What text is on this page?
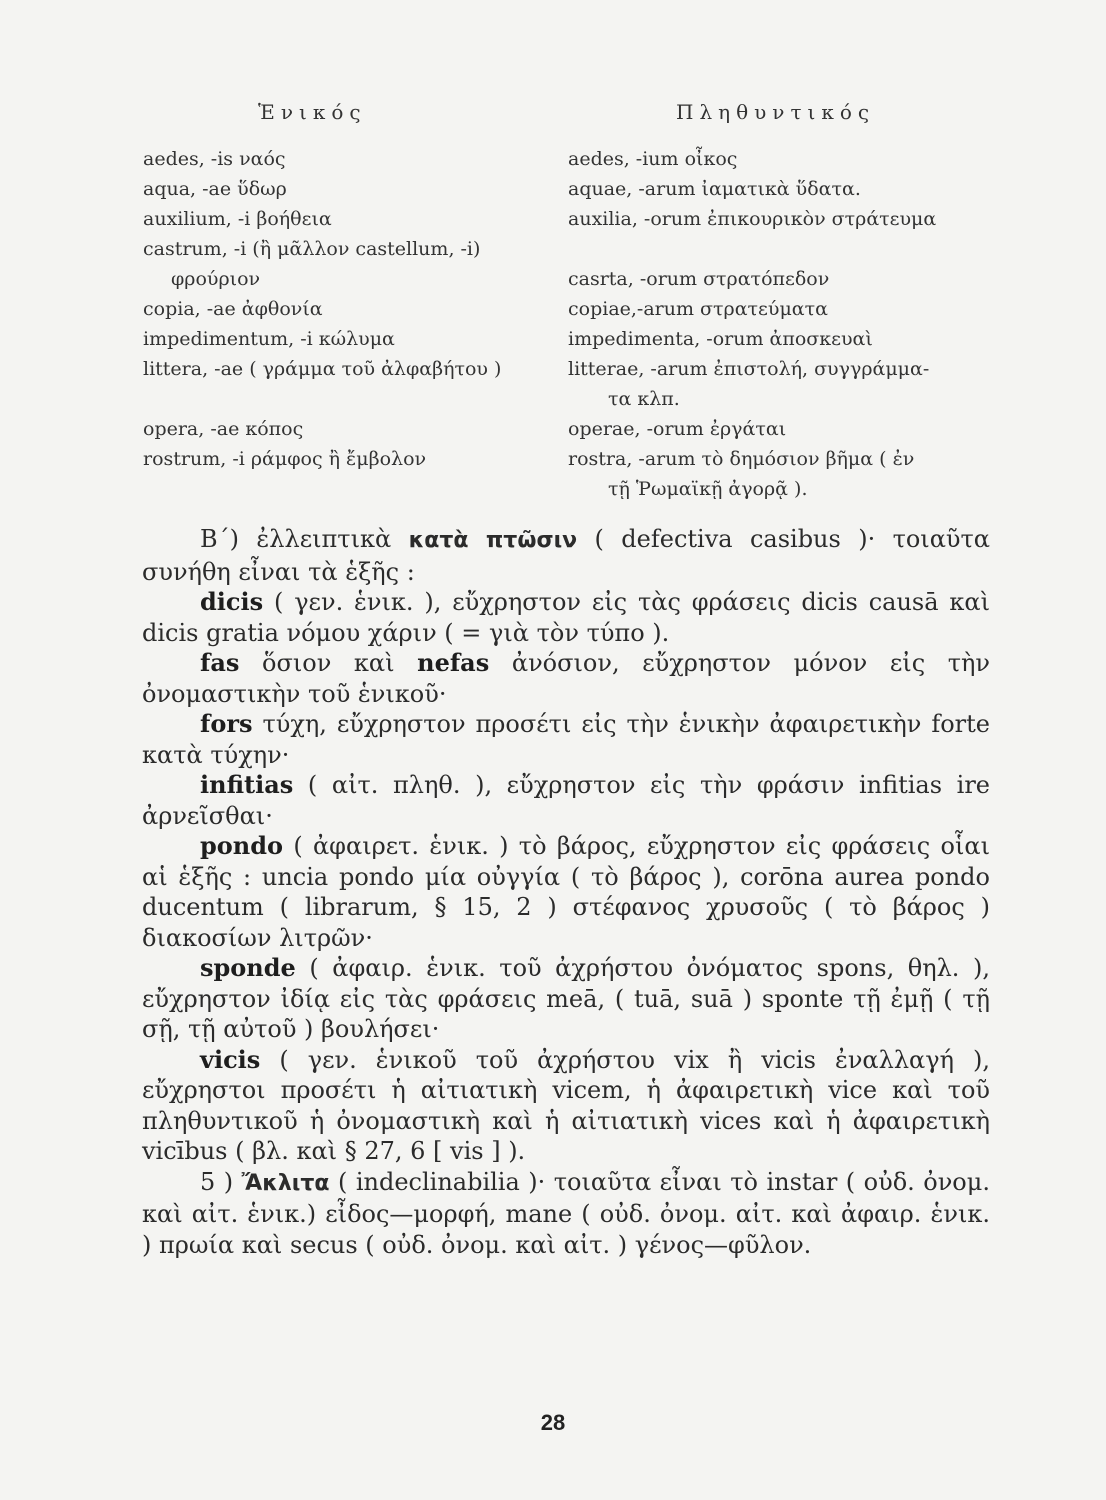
Ἑνικός	Πληθυντικός
aedes, -is ναός
aqua, -ae ὕδωρ
auxilium, -i βοήθεια
castrum, -i (ἢ μᾶλλον castellum, -i)
φρούριον
copia, -ae ἀφθονία
impedimentum, -i κώλυμα
littera, -ae ( γράμμα τοῦ ἀλφαβήτου )

opera, -ae κόπος
rostrum, -i ράμφος ἢ ἔμβολον
aedes, -ium οἶκος
aquae, -arum ἰαματικὰ ὕδατα.
auxilia, -orum ἐπικουρικὸν στράτευμα

casrta, -orum στρατόπεδον
copiae,-arum στρατεύματα
impedimenta, -orum ἀποσκευαὶ
litterae, -arum ἐπιστολή, συγγράμμα-
τα κλπ.
operae, -orum ἐργάται
rostra, -arum τὸ δημόσιον βῆμα ( ἐν
τῇ Ῥωμαϊκῇ ἀγορᾷ ).

Β΄) ἐλλειπτικὰ κατὰ πτῶσιν ( defectiva casibus )· τοιαῦτα συνήθη εἶναι τὰ ἑξῆς :

dicis ( γεν. ἑνικ. ), εὔχρηστον εἰς τὰς φράσεις dicis causā καὶ dicis gratia νόμου χάριν ( = γιὰ τὸν τύπο ).

fas ὅσιον καὶ nefas ἀνόσιον, εὔχρηστον μόνον εἰς τὴν ὀνομαστικὴν τοῦ ἑνικοῦ·

fors τύχη, εὔχρηστον προσέτι εἰς τὴν ἑνικὴν ἀφαιρετικὴν forte κατὰ τύχην·

infitias ( αἰτ. πληθ. ), εὔχρηστον εἰς τὴν φράσιν infitias ire ἀρνεῖσθαι·

pondo ( ἀφαιρετ. ἑνικ. ) τὸ βάρος, εὔχρηστον εἰς φράσεις οἷαι αἱ ἑξῆς : uncia pondo μία οὐγγία ( τὸ βάρος ), corōna aurea pondo ducentum ( librarum, § 15, 2 ) στέφανος χρυσοῦς ( τὸ βάρος ) διακοσίων λιτρῶν·

sponde ( ἀφαιρ. ἑνικ. τοῦ ἀχρήστου ὀνόματος spons, θηλ. ), εὔχρηστον ἰδίᾳ εἰς τὰς φράσεις meā, ( tuā, suā ) sponte τῇ ἐμῇ ( τῇ σῇ, τῇ αὐτοῦ ) βουλήσει·

vicis ( γεν. ἑνικοῦ τοῦ ἀχρήστου vix ἢ vicis ἐναλλαγή ), εὔχρηστοι προσέτι ἡ αἰτιατικὴ vicem, ἡ ἀφαιρετικὴ vice καὶ τοῦ πληθυντικοῦ ἡ ὀνομαστικὴ καὶ ἡ αἰτιατικὴ vices καὶ ἡ ἀφαιρετικὴ vicībus ( βλ. καὶ § 27, 6 [ vis ] ).

5 ) Ἄκλιτα ( indeclinabilia )· τοιαῦτα εἶναι τὸ instar ( οὐδ. ὀνομ. καὶ αἰτ. ἑνικ.) εἶδος—μορφή, mane ( οὐδ. ὀνομ. αἰτ. καὶ ἀφαιρ. ἑνικ. ) πρωία καὶ secus ( οὐδ. ὀνομ. καὶ αἰτ. ) γένος—φῦλον.

28
